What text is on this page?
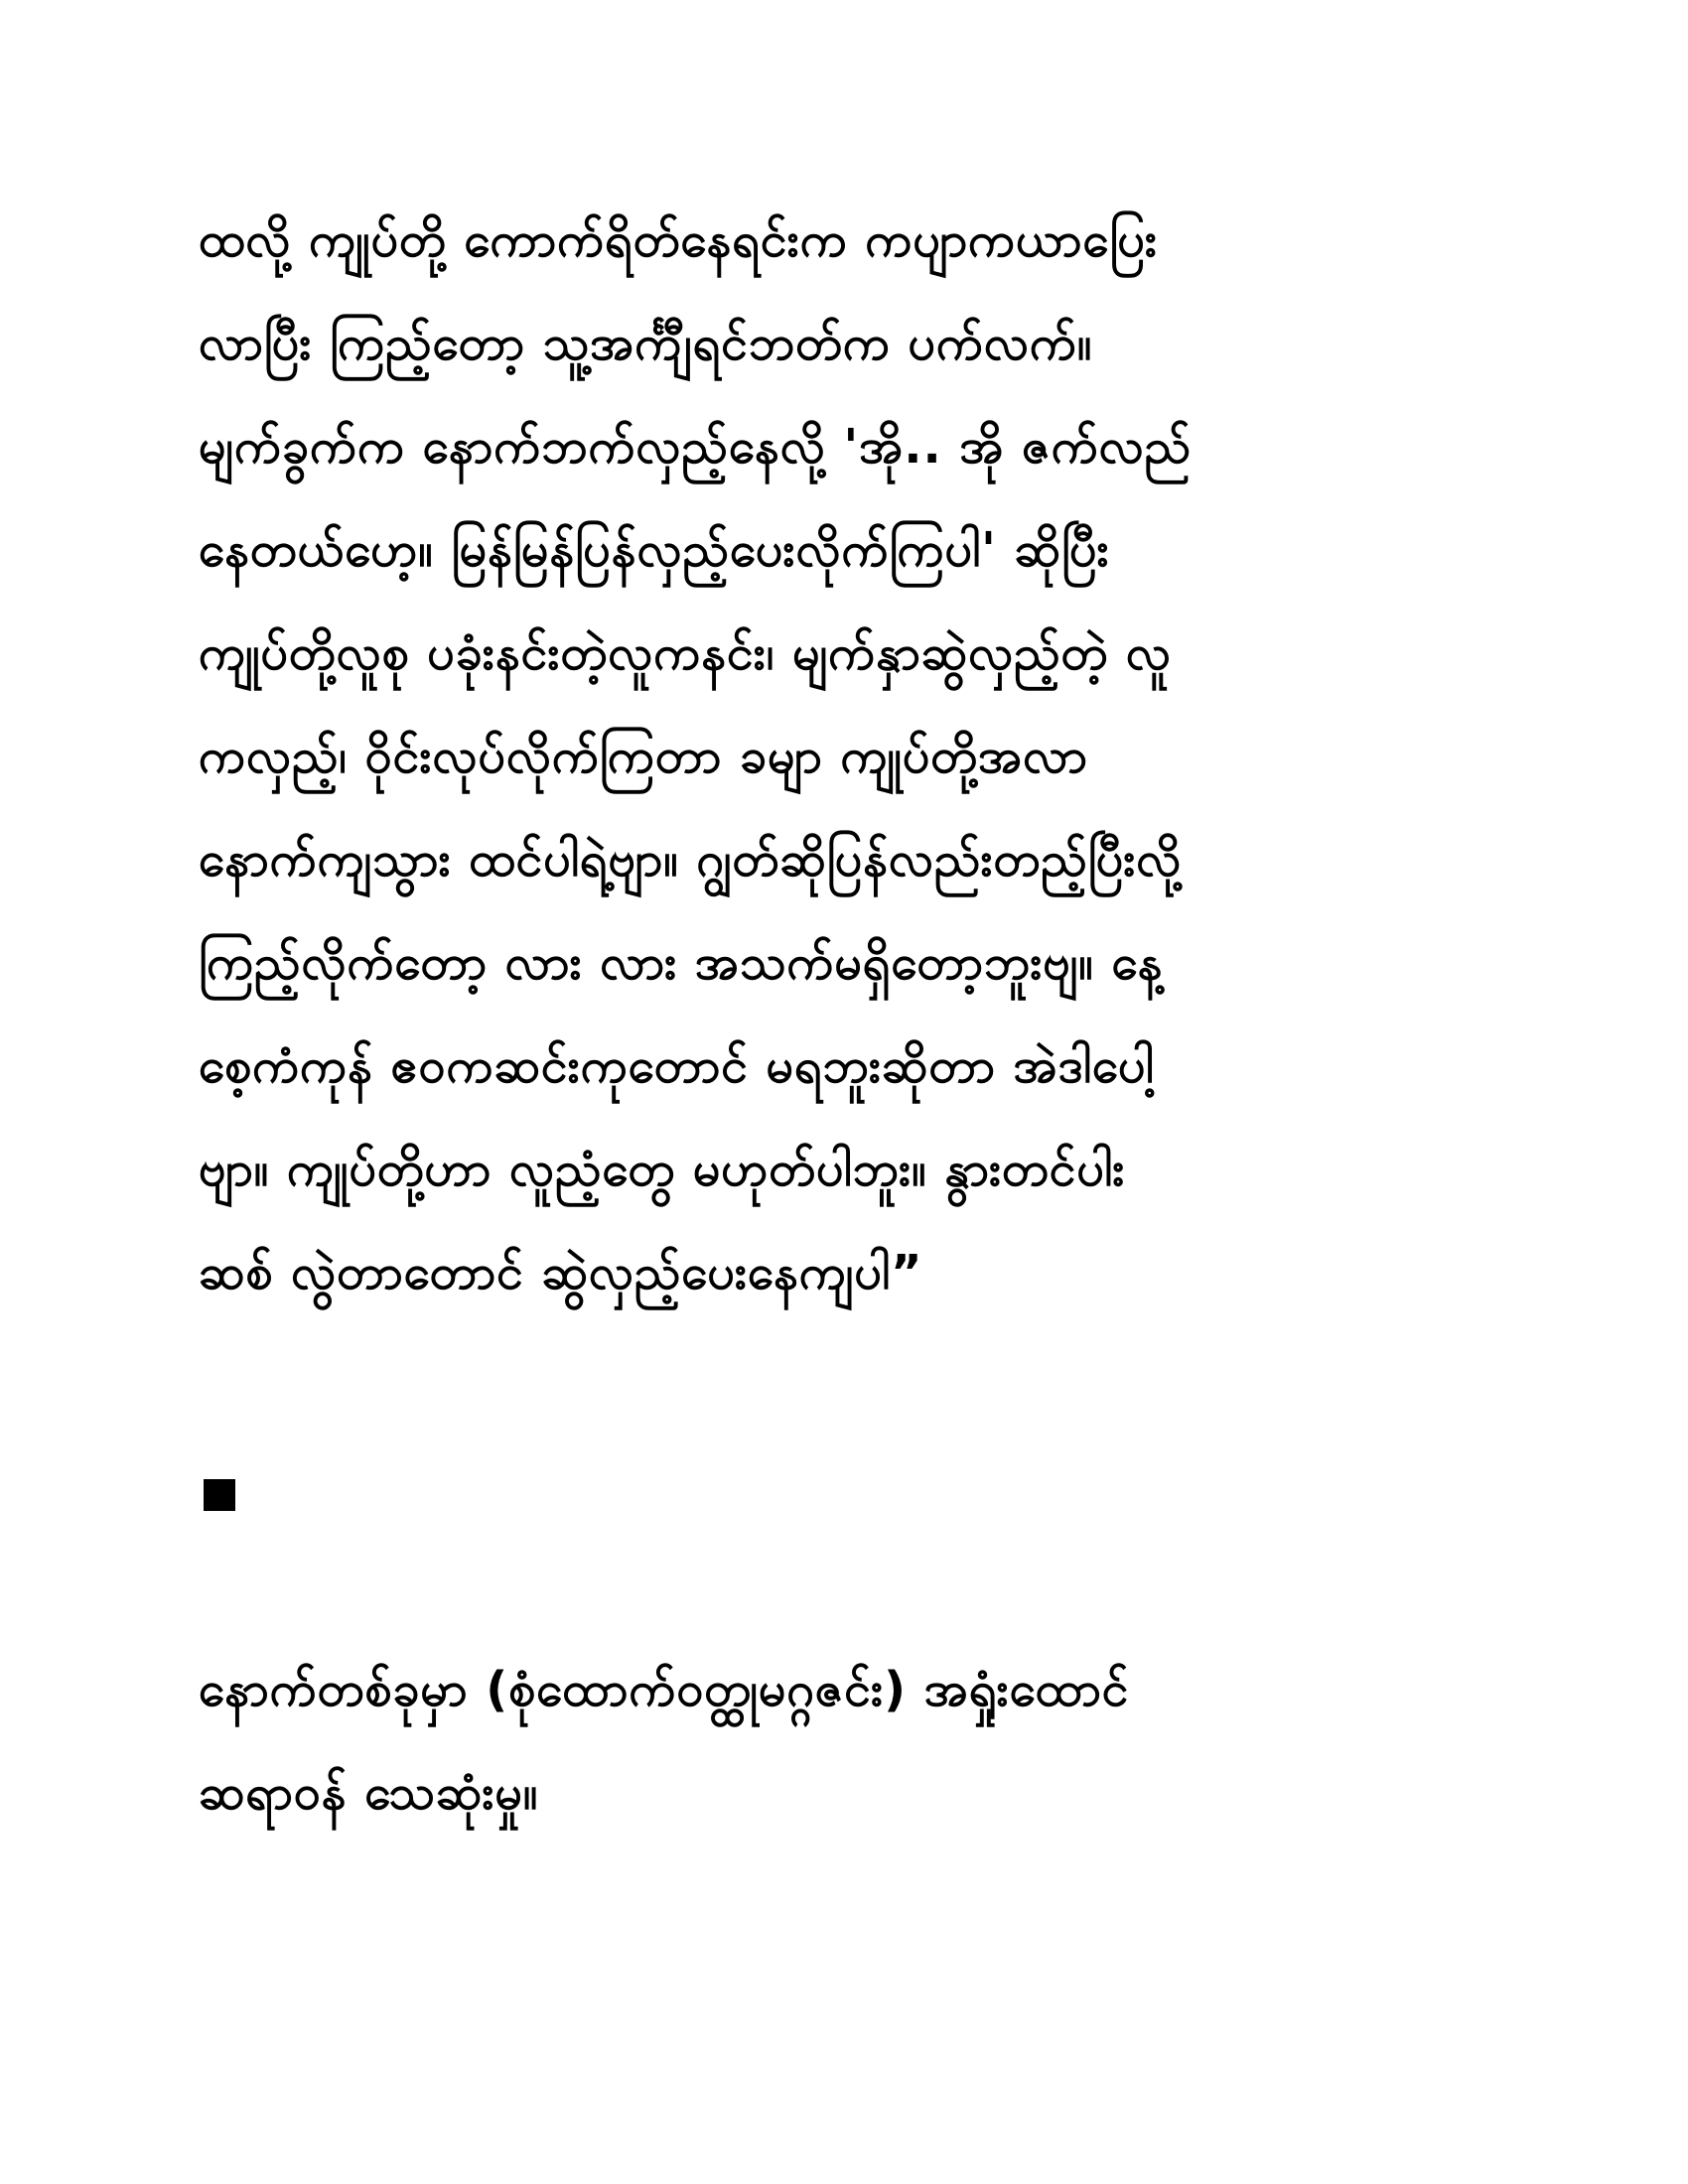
ထလို့ ကျုပ်တို့ ကောက်ရိတ်နေရင်းက ကပျာကယာပြေး
လာပြီး ကြည့်တော့ သူ့အင်္ကျီရင်ဘတ်က ပက်လက်။
မျက်ခွက်က နောက်ဘက်လှည့်နေလို့ 'အို.. အို ဇက်လည်
နေတယ်ဟေ့။ မြန်မြန်ပြန်လှည့်ပေးလိုက်ကြပါ' ဆိုပြီး
ကျုပ်တို့လူစု ပခုံးနင်းတဲ့လူကနင်း၊ မျက်နှာဆွဲလှည့်တဲ့ လူ
ကလှည့်၊ ဝိုင်းလုပ်လိုက်ကြတာ ခမျာ ကျုပ်တို့အလာ
နောက်ကျသွား ထင်ပါရဲ့ဗျာ။ ဂျွတ်ဆိုပြန်လည်းတည့်ပြီးလို့
ကြည့်လိုက်တော့ လား လား အသက်မရှိတော့ဘူးဗျ။ နေ့
စေ့ကံကုန် ဧဝကဆင်းကုတောင် မရဘူးဆိုတာ အဲဒါပေါ့
ဗျာ။ ကျုပ်တို့ဟာ လူညံ့တွေ မဟုတ်ပါဘူး။ နွားတင်ပါး
ဆစ် လွဲတာတောင် ဆွဲလှည့်ပေးနေကျပါ”
နောက်တစ်ခုမှာ (စုံထောက်ဝတ္ထုမဂ္ဂဇင်း) အရှုံးထောင်
ဆရာဝန် သေဆုံးမှု။
